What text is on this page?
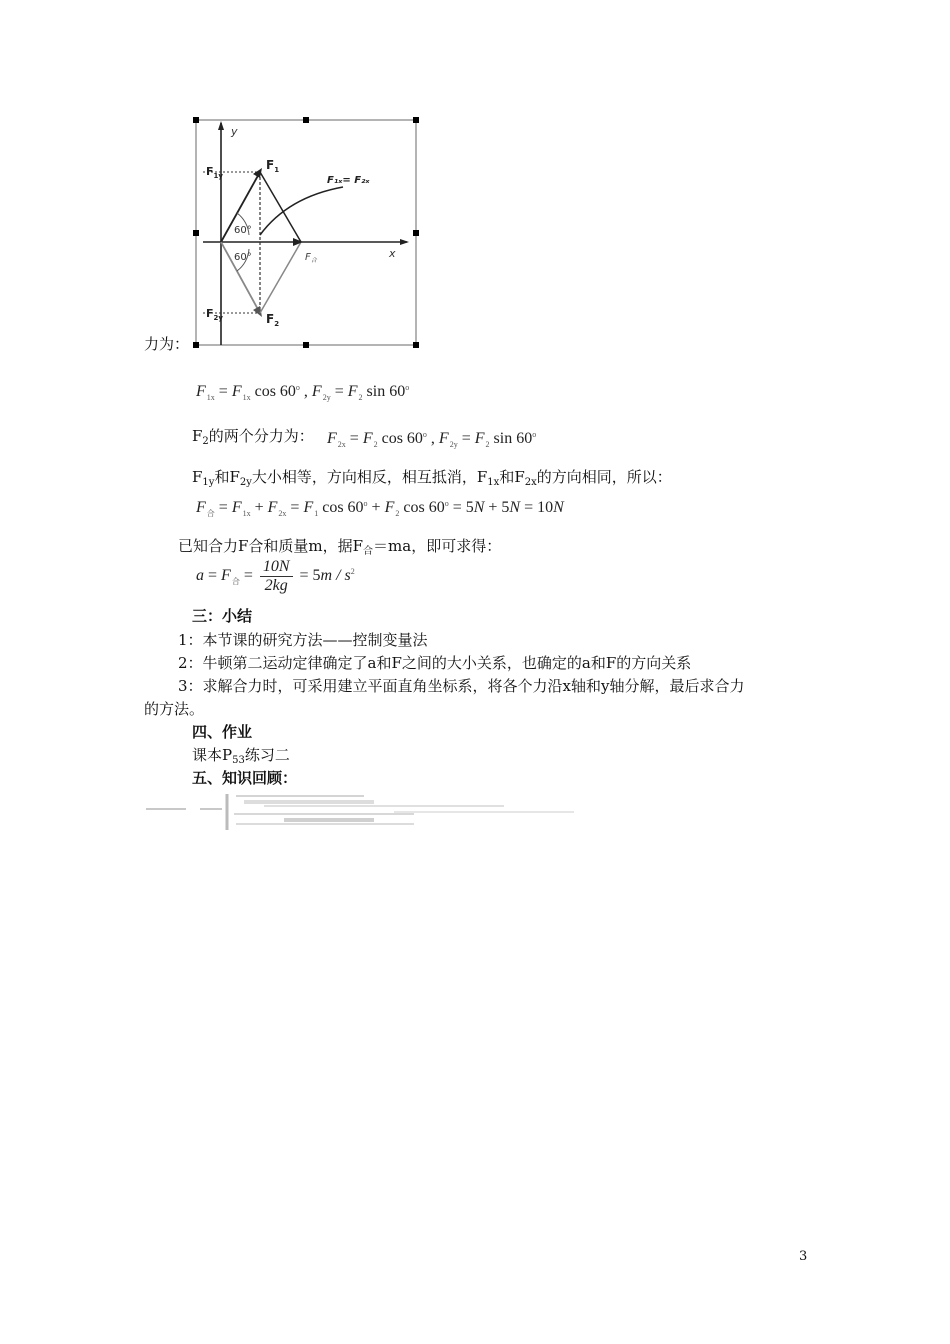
力为：
y
x
$F_{1y}$
$F_1$
$F_{2y}$	$F_2$
60°
60°	$F_合$
F₁ₓ= F₂ₓ
$F_{1x} = F_{1x}$ cos 60$^o$ , $F_{2y} = F_2$ sin 60$^o$
$F_2$的两个分力为： $F_{2x} = F_2$ cos 60$^o$ , $F_{2y} = F_2$ sin 60$^o$
$F_{1y}$和$F_{2y}$大小相等，方向相反，相互抵消，$F_{1x}$和$F_{2x}$的方向相同，所以：
$F_合 = F_{1x} + F_{2x} = F_1$ $\cos 60^o + F_2$ $\cos 60^o = 5N + 5N = 10N$
已知合力F合和质量m，据$F_合=ma$，即可求得：
$a = F_合 = \frac{10N}{2kg} = 5m / s^2$
三：小结
1：本节课的研究方法——控制变量法
2：牛顿第二运动定律确定了a和F之间的大小关系，也确定的a和F的方向关系
3：求解合力时，可采用建立平面直角坐标系，将各个力沿x轴和y轴分解，最后求合力
的方法。
四、作业
课本$P_{53}$练习二
五、知识回顾：
3
